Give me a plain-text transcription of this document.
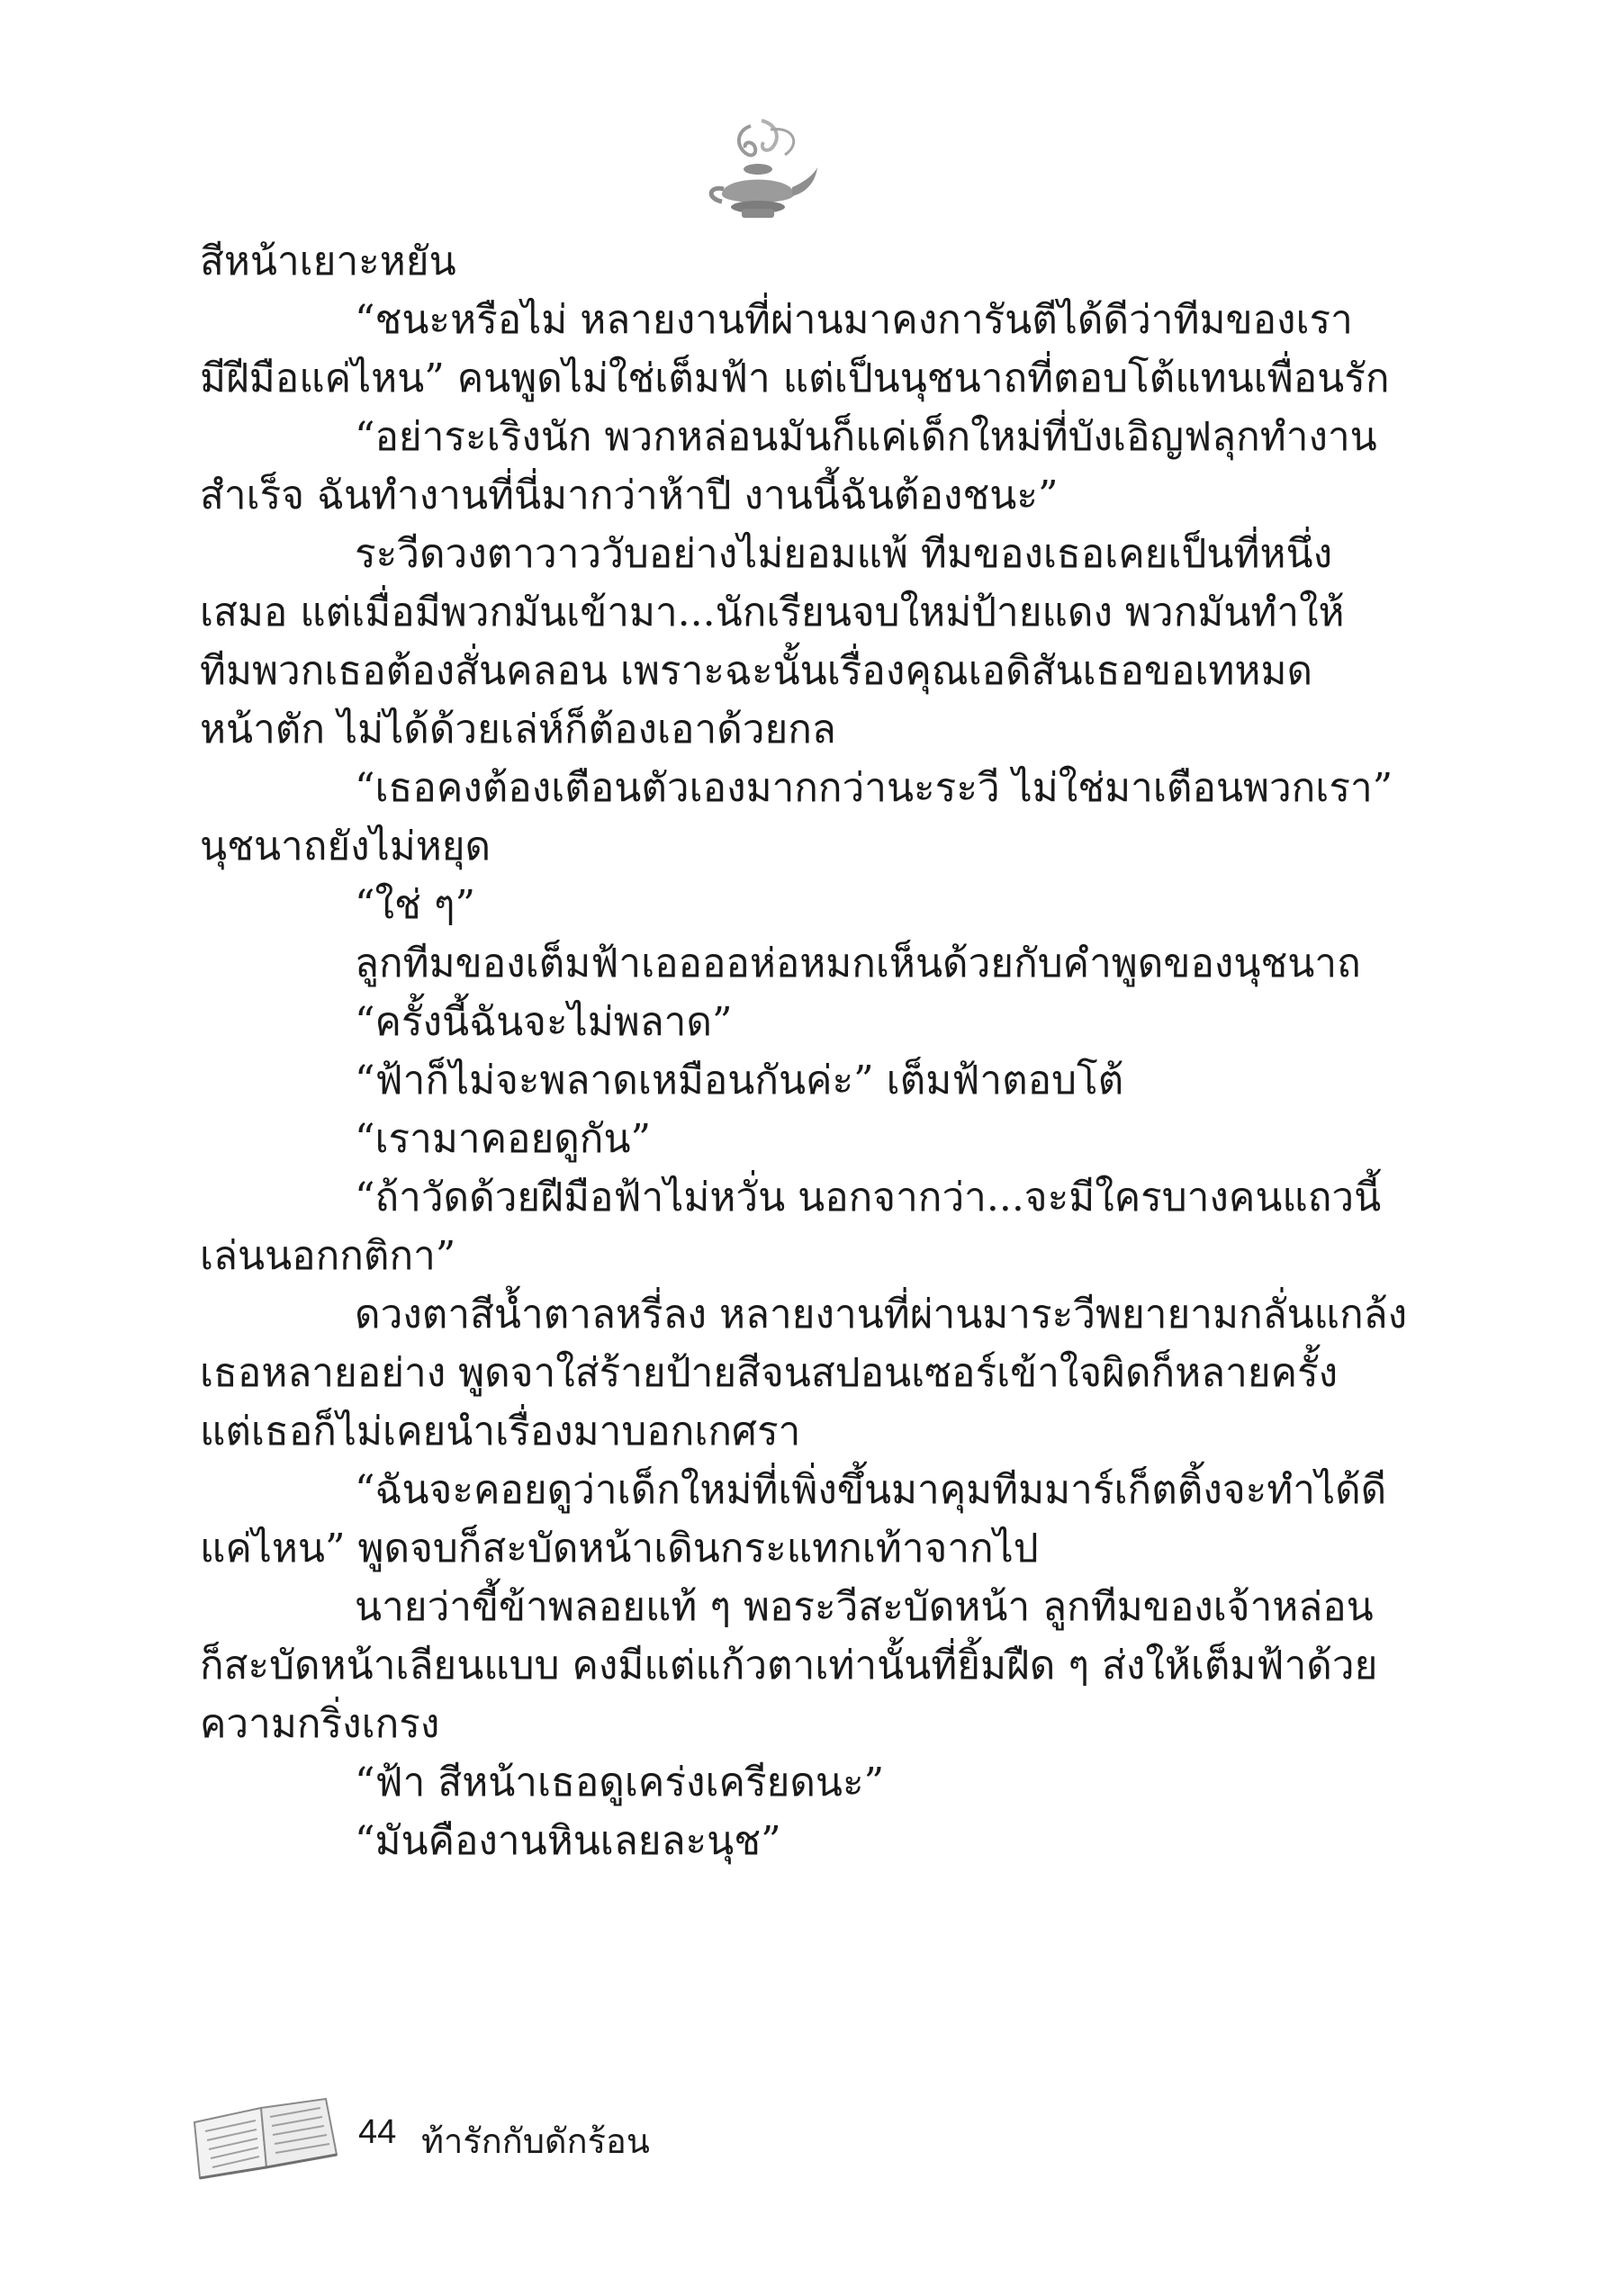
สีหน้าเยาะหยัน

“ชนะหรือไม่ หลายงานที่ผ่านมาคงการันตีได้ดีว่าทีมของเรา

มีฝีมือแค่ไหน” คนพูดไม่ใช่เต็มฟ้า แต่เป็นนุชนาถที่ตอบโต้แทนเพื่อนรัก

“อย่าระเริงนัก พวกหล่อนมันก็แค่เด็กใหม่ที่บังเอิญฟลุกทำงาน

สำเร็จ ฉันทำงานที่นี่มากว่าห้าปี งานนี้ฉันต้องชนะ”

ระวีดวงตาวาววับอย่างไม่ยอมแพ้ ทีมของเธอเคยเป็นที่หนึ่ง

เสมอ แต่เมื่อมีพวกมันเข้ามา...นักเรียนจบใหม่ป้ายแดง พวกมันทำให้

ทีมพวกเธอต้องสั่นคลอน เพราะฉะนั้นเรื่องคุณเอดิสันเธอขอเทหมด

หน้าตัก ไม่ได้ด้วยเล่ห์ก็ต้องเอาด้วยกล

“เธอคงต้องเตือนตัวเองมากกว่านะระวี ไม่ใช่มาเตือนพวกเรา”

นุชนาถยังไม่หยุด

“ใช่ ๆ”

ลูกทีมของเต็มฟ้าเออออห่อหมกเห็นด้วยกับคำพูดของนุชนาถ

“ครั้งนี้ฉันจะไม่พลาด”

“ฟ้าก็ไม่จะพลาดเหมือนกันค่ะ” เต็มฟ้าตอบโต้

“เรามาคอยดูกัน”

“ถ้าวัดด้วยฝีมือฟ้าไม่หวั่น นอกจากว่า...จะมีใครบางคนแถวนี้

เล่นนอกกติกา”

ดวงตาสีน้ำตาลหรี่ลง หลายงานที่ผ่านมาระวีพยายามกลั่นแกล้ง

เธอหลายอย่าง พูดจาใส่ร้ายป้ายสีจนสปอนเซอร์เข้าใจผิดก็หลายครั้ง

แต่เธอก็ไม่เคยนำเรื่องมาบอกเกศรา

“ฉันจะคอยดูว่าเด็กใหม่ที่เพิ่งขึ้นมาคุมทีมมาร์เก็ตติ้งจะทำได้ดี

แค่ไหน” พูดจบก็สะบัดหน้าเดินกระแทกเท้าจากไป

นายว่าขี้ข้าพลอยแท้ ๆ พอระวีสะบัดหน้า ลูกทีมของเจ้าหล่อน

ก็สะบัดหน้าเลียนแบบ คงมีแต่แก้วตาเท่านั้นที่ยิ้มฝืด ๆ ส่งให้เต็มฟ้าด้วย

ความกริ่งเกรง

“ฟ้า สีหน้าเธอดูเคร่งเครียดนะ”

“มันคืองานหินเลยละนุช”

44 ท้ารักกับดักร้อน
